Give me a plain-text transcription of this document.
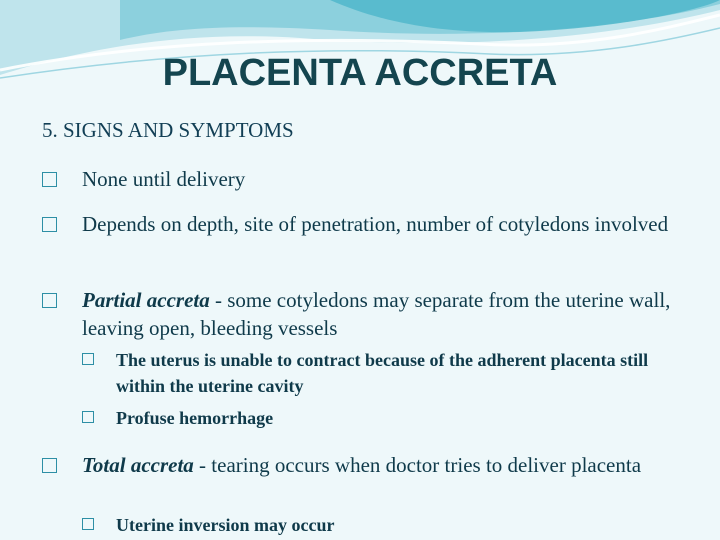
PLACENTA ACCRETA
5. SIGNS AND SYMPTOMS
None until delivery
Depends on depth, site of penetration, number of cotyledons involved
Partial accreta - some cotyledons may separate from the uterine wall, leaving open, bleeding vessels
The uterus is unable to contract because of the adherent placenta still within the uterine cavity
Profuse hemorrhage
Total accreta - tearing occurs when doctor tries to deliver placenta
Uterine inversion may occur
